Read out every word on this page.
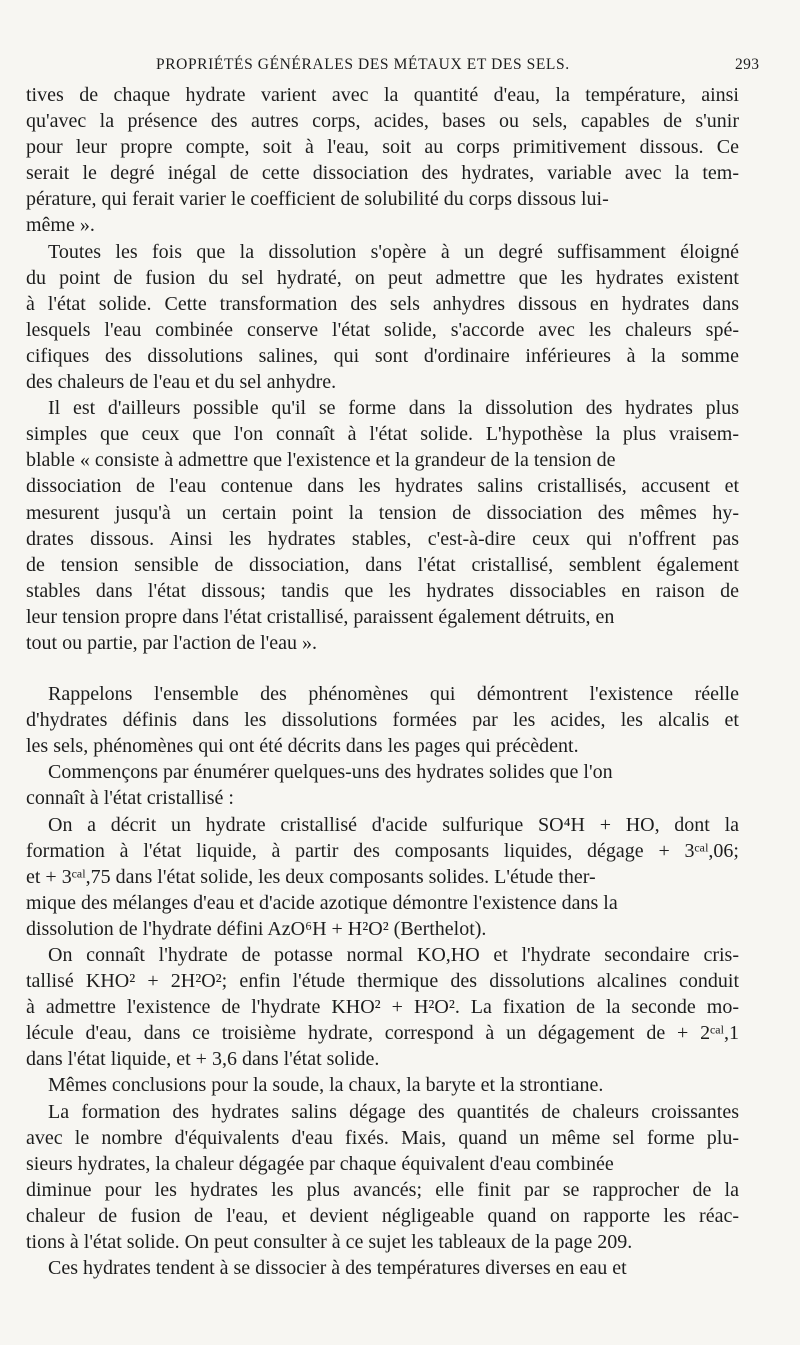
PROPRIÉTÉS GÉNÉRALES DES MÉTAUX ET DES SELS.	293

tives de chaque hydrate varient avec la quantité d'eau, la température, ainsi
qu'avec la présence des autres corps, acides, bases ou sels, capables de s'unir
pour leur propre compte, soit à l'eau, soit au corps primitivement dissous. Ce
serait le degré inégal de cette dissociation des hydrates, variable avec la tem-
pérature, qui ferait varier le coefficient de solubilité du corps dissous lui-
même ».

Toutes les fois que la dissolution s'opère à un degré suffisamment éloigné
du point de fusion du sel hydraté, on peut admettre que les hydrates existent
à l'état solide. Cette transformation des sels anhydres dissous en hydrates dans
lesquels l'eau combinée conserve l'état solide, s'accorde avec les chaleurs spé-
cifiques des dissolutions salines, qui sont d'ordinaire inférieures à la somme
des chaleurs de l'eau et du sel anhydre.

Il est d'ailleurs possible qu'il se forme dans la dissolution des hydrates plus
simples que ceux que l'on connaît à l'état solide. L'hypothèse la plus vraisem-
blable « consiste à admettre que l'existence et la grandeur de la tension de
dissociation de l'eau contenue dans les hydrates salins cristallisés, accusent et
mesurent jusqu'à un certain point la tension de dissociation des mêmes hy-
drates dissous. Ainsi les hydrates stables, c'est-à-dire ceux qui n'offrent pas
de tension sensible de dissociation, dans l'état cristallisé, semblent également
stables dans l'état dissous; tandis que les hydrates dissociables en raison de
leur tension propre dans l'état cristallisé, paraissent également détruits, en
tout ou partie, par l'action de l'eau ».

Rappelons l'ensemble des phénomènes qui démontrent l'existence réelle
d'hydrates définis dans les dissolutions formées par les acides, les alcalis et
les sels, phénomènes qui ont été décrits dans les pages qui précèdent.

Commençons par énumérer quelques-uns des hydrates solides que l'on
connaît à l'état cristallisé :

On a décrit un hydrate cristallisé d'acide sulfurique SO⁴H + HO, dont la
formation à l'état liquide, à partir des composants liquides, dégage + 3ᶜᵃˡ,06;
et + 3ᶜᵃˡ,75 dans l'état solide, les deux composants solides. L'étude ther-
mique des mélanges d'eau et d'acide azotique démontre l'existence dans la
dissolution de l'hydrate défini AzO⁶H + H²O² (Berthelot).

On connaît l'hydrate de potasse normal KO,HO et l'hydrate secondaire cris-
tallisé KHO² + 2H²O²; enfin l'étude thermique des dissolutions alcalines conduit
à admettre l'existence de l'hydrate KHO² + H²O². La fixation de la seconde mo-
lécule d'eau, dans ce troisième hydrate, correspond à un dégagement de + 2ᶜᵃˡ,1
dans l'état liquide, et + 3,6 dans l'état solide.

Mêmes conclusions pour la soude, la chaux, la baryte et la strontiane.

La formation des hydrates salins dégage des quantités de chaleurs croissantes
avec le nombre d'équivalents d'eau fixés. Mais, quand un même sel forme plu-
sieurs hydrates, la chaleur dégagée par chaque équivalent d'eau combinée
diminue pour les hydrates les plus avancés; elle finit par se rapprocher de la
chaleur de fusion de l'eau, et devient négligeable quand on rapporte les réac-
tions à l'état solide. On peut consulter à ce sujet les tableaux de la page 209.

Ces hydrates tendent à se dissocier à des températures diverses en eau et
